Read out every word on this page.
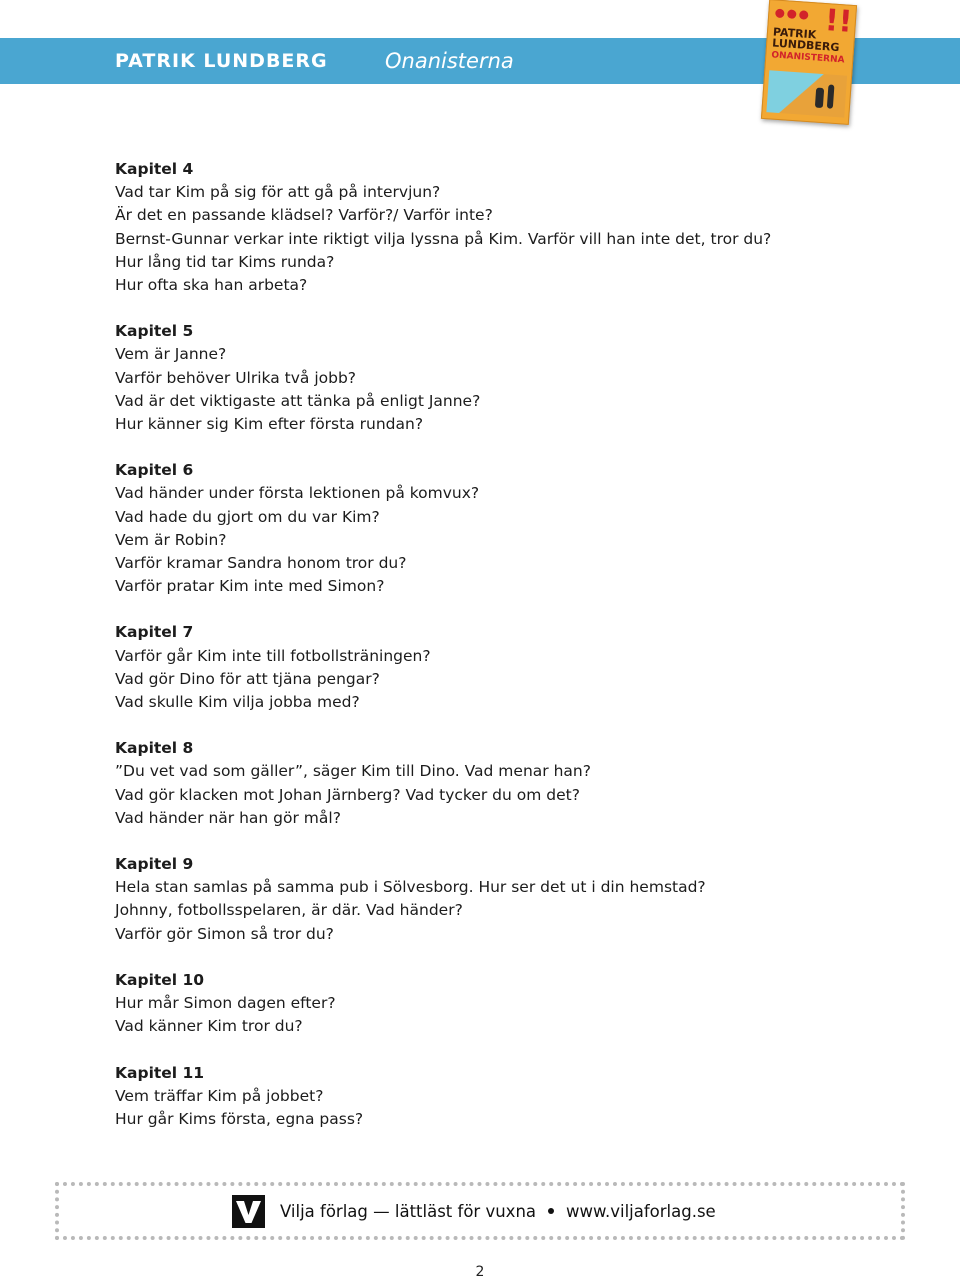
PATRIK LUNDBERG	Onanisterna
!!
PATRIK LUNDBERG
ONANISTERNA
Kapitel 4
Vad tar Kim på sig för att gå på intervjun?
Är det en passande klädsel? Varför?/ Varför inte?
Bernst-Gunnar verkar inte riktigt vilja lyssna på Kim. Varför vill han inte det, tror du?
Hur lång tid tar Kims runda?
Hur ofta ska han arbeta?
Kapitel 5
Vem är Janne?
Varför behöver Ulrika två jobb?
Vad är det viktigaste att tänka på enligt Janne?
Hur känner sig Kim efter första rundan?
Kapitel 6
Vad händer under första lektionen på komvux?
Vad hade du gjort om du var Kim?
Vem är Robin?
Varför kramar Sandra honom tror du?
Varför pratar Kim inte med Simon?
Kapitel 7
Varför går Kim inte till fotbollsträningen?
Vad gör Dino för att tjäna pengar?
Vad skulle Kim vilja jobba med?
Kapitel 8
”Du vet vad som gäller”, säger Kim till Dino. Vad menar han?
Vad gör klacken mot Johan Järnberg? Vad tycker du om det?
Vad händer när han gör mål?
Kapitel 9
Hela stan samlas på samma pub i Sölvesborg. Hur ser det ut i din hemstad?
Johnny, fotbollsspelaren, är där. Vad händer?
Varför gör Simon så tror du?
Kapitel 10
Hur mår Simon dagen efter?
Vad känner Kim tror du?
Kapitel 11
Vem träffar Kim på jobbet?
Hur går Kims första, egna pass?
Vilja förlag — lättläst för vuxna www.viljaforlag.se
2
